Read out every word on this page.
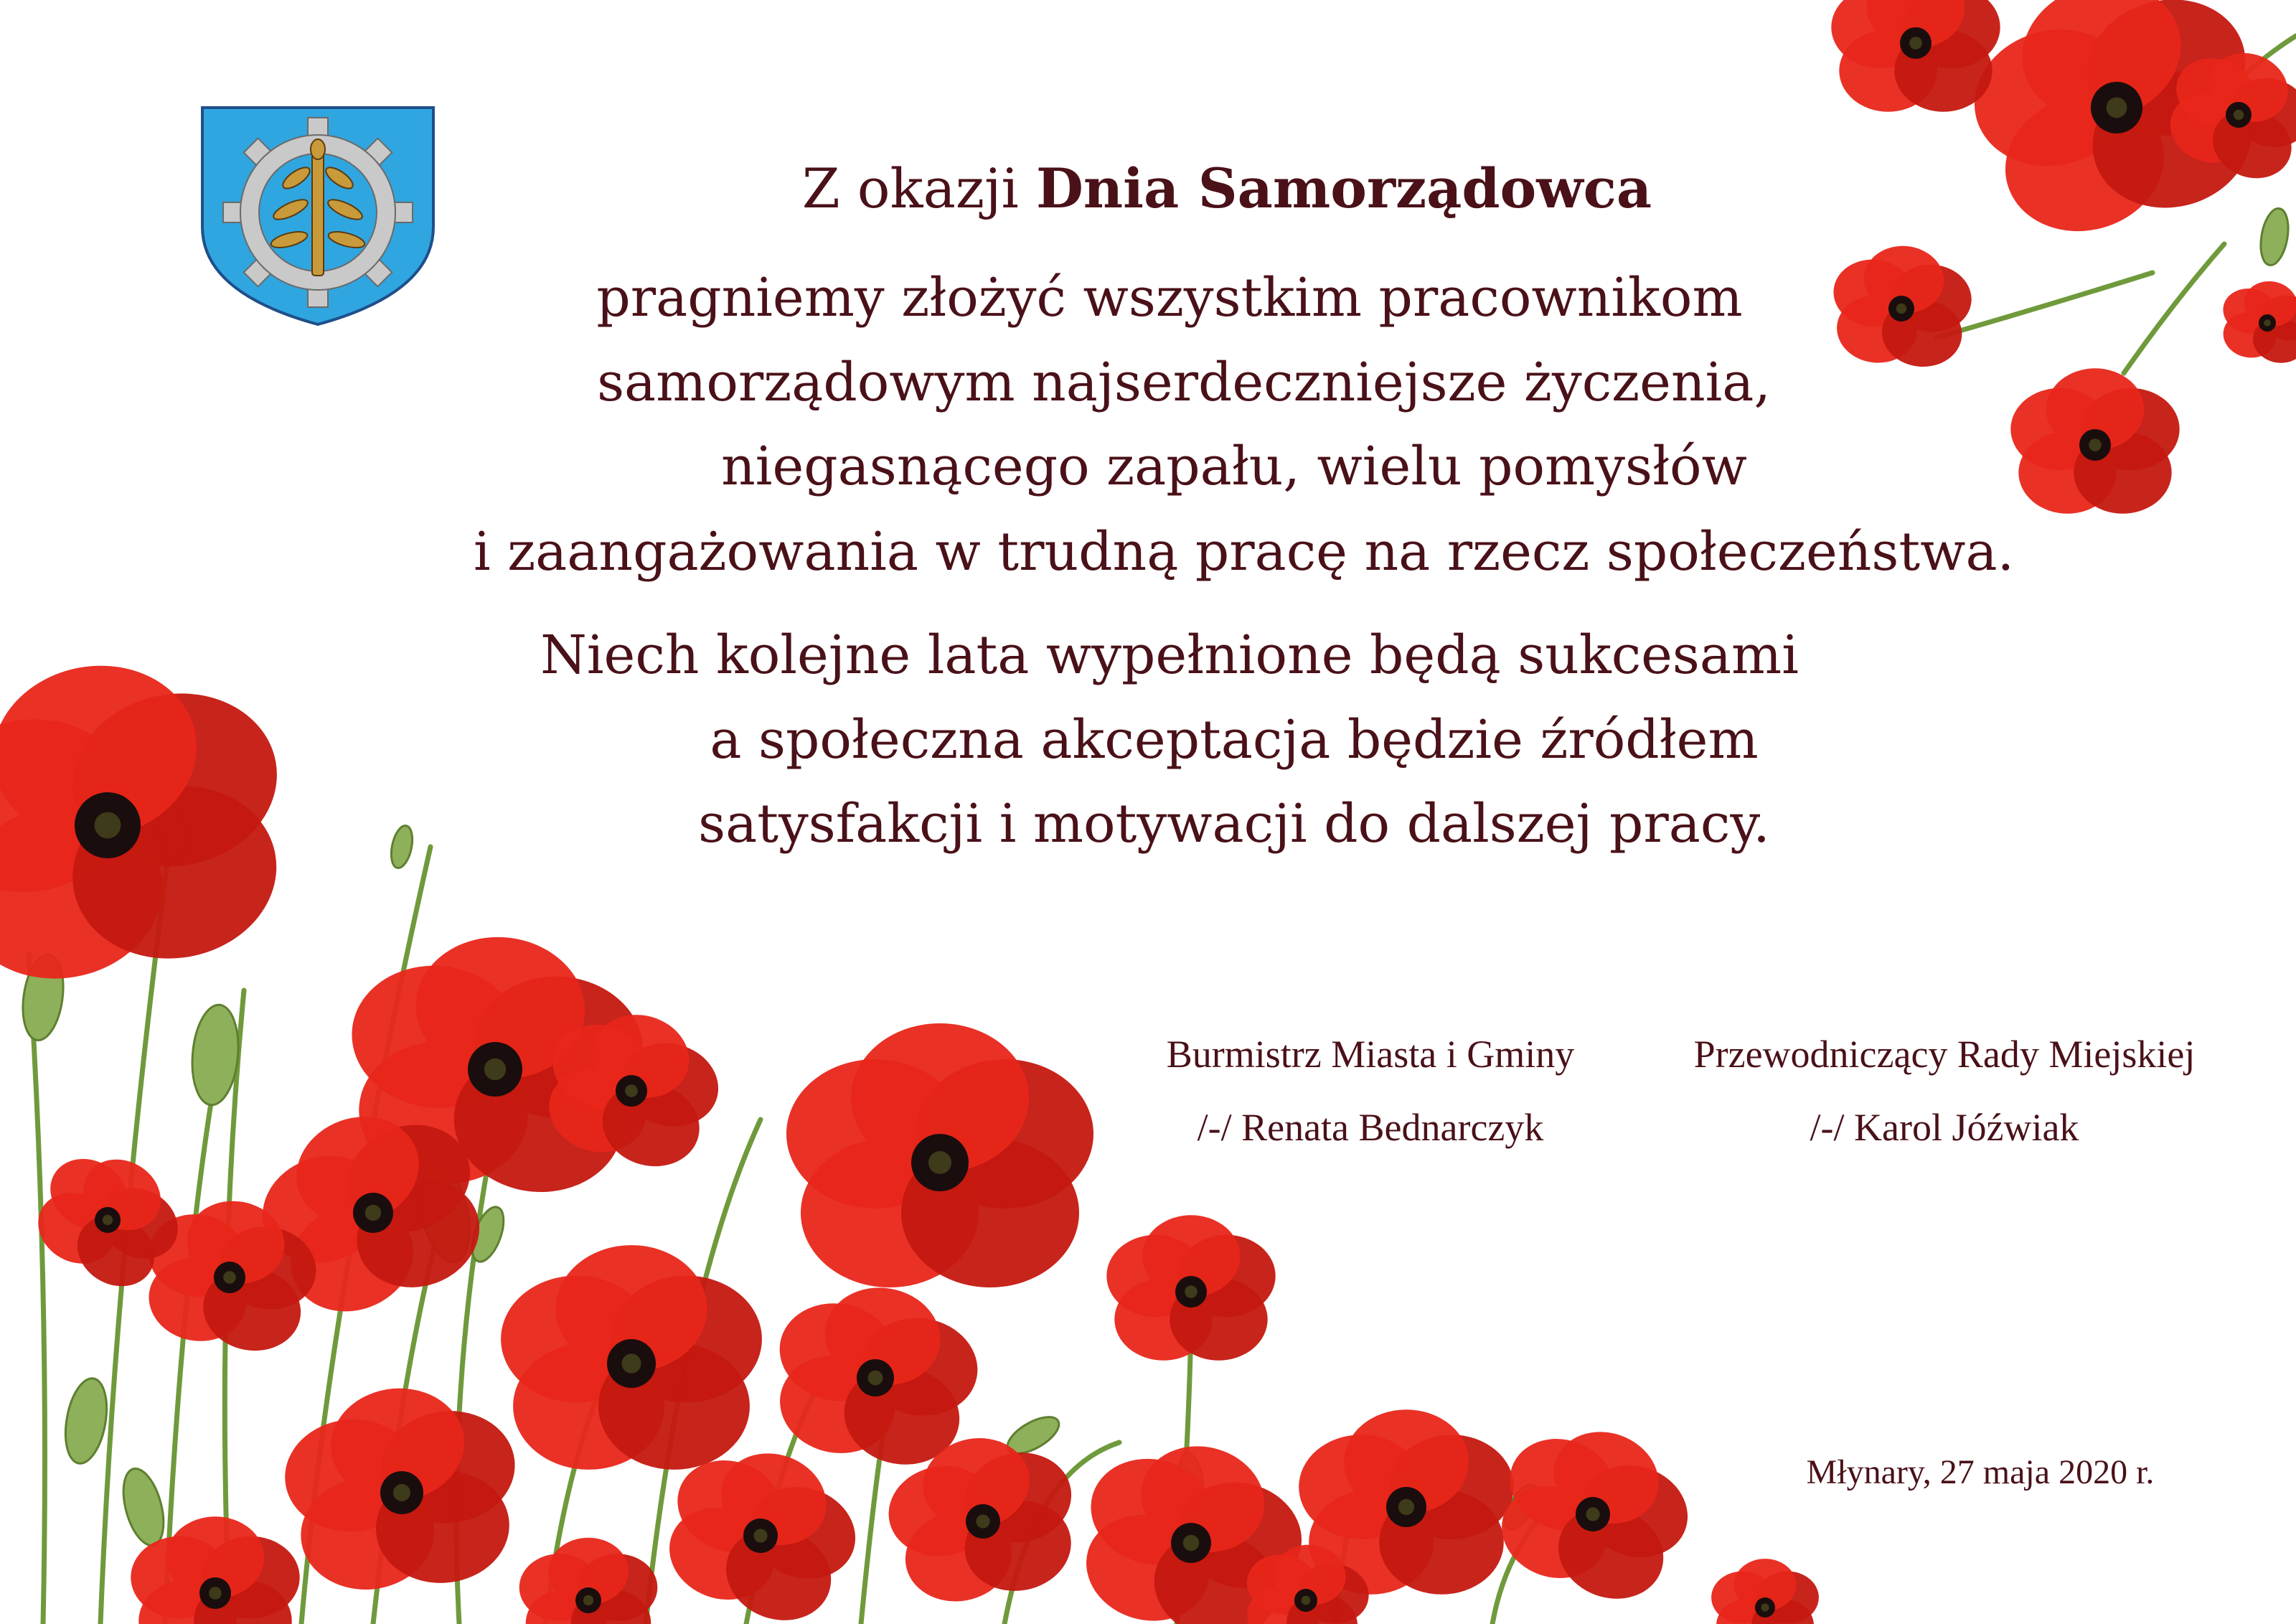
Z okazji Dnia Samorządowca
pragniemy złożyć wszystkim pracownikom
samorządowym najserdeczniejsze życzenia,
niegasnącego zapału, wielu pomysłów
i zaangażowania w trudną pracę na rzecz społeczeństwa.
Niech kolejne lata wypełnione będą sukcesami
a społeczna akceptacja będzie źródłem
satysfakcji i motywacji do dalszej pracy.
Burmistrz Miasta i Gminy
/-/ Renata Bednarczyk
Przewodniczący Rady Miejskiej
/-/ Karol Jóźwiak
Młynary, 27 maja 2020 r.
